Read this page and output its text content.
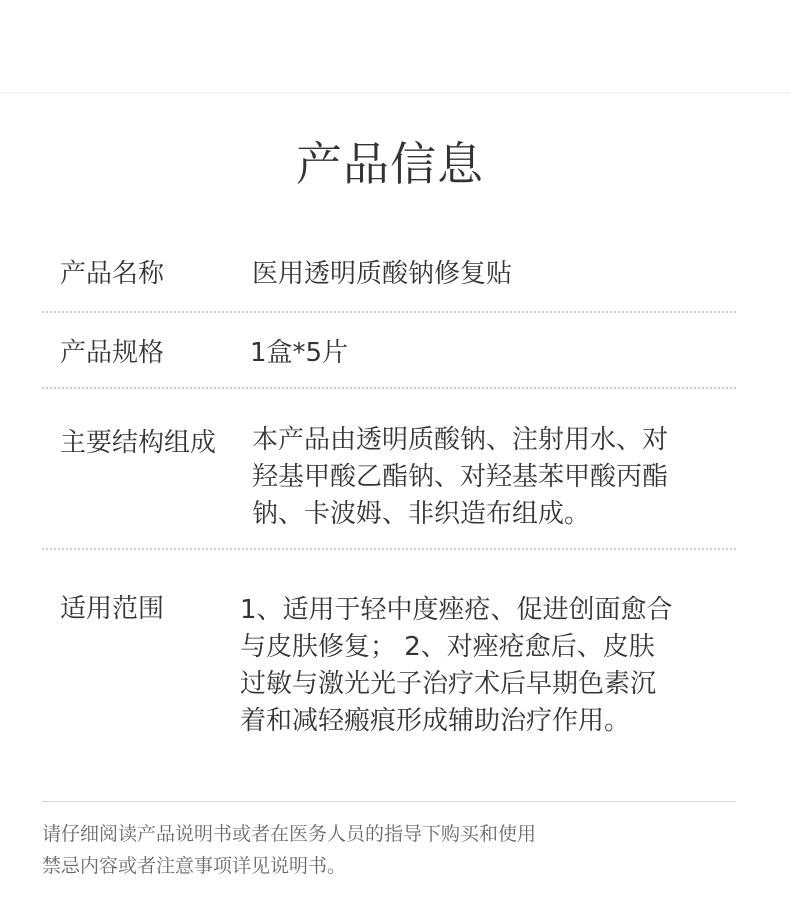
产品信息
产品名称	医用透明质酸钠修复贴
产品规格	1盒*5片
主要结构组成 本产品由透明质酸钠、注射用水、对
羟基甲酸乙酯钠、对羟基苯甲酸丙酯
钠、卡波姆、非织造布组成。
适用范围	1、适用于轻中度痤疮、促进创面愈合
与皮肤修复； 2、对痤疮愈后、皮肤
过敏与激光光子治疗术后早期色素沉
着和减轻瘢痕形成辅助治疗作用。
请仔细阅读产品说明书或者在医务人员的指导下购买和使用
禁忌内容或者注意事项详见说明书。
